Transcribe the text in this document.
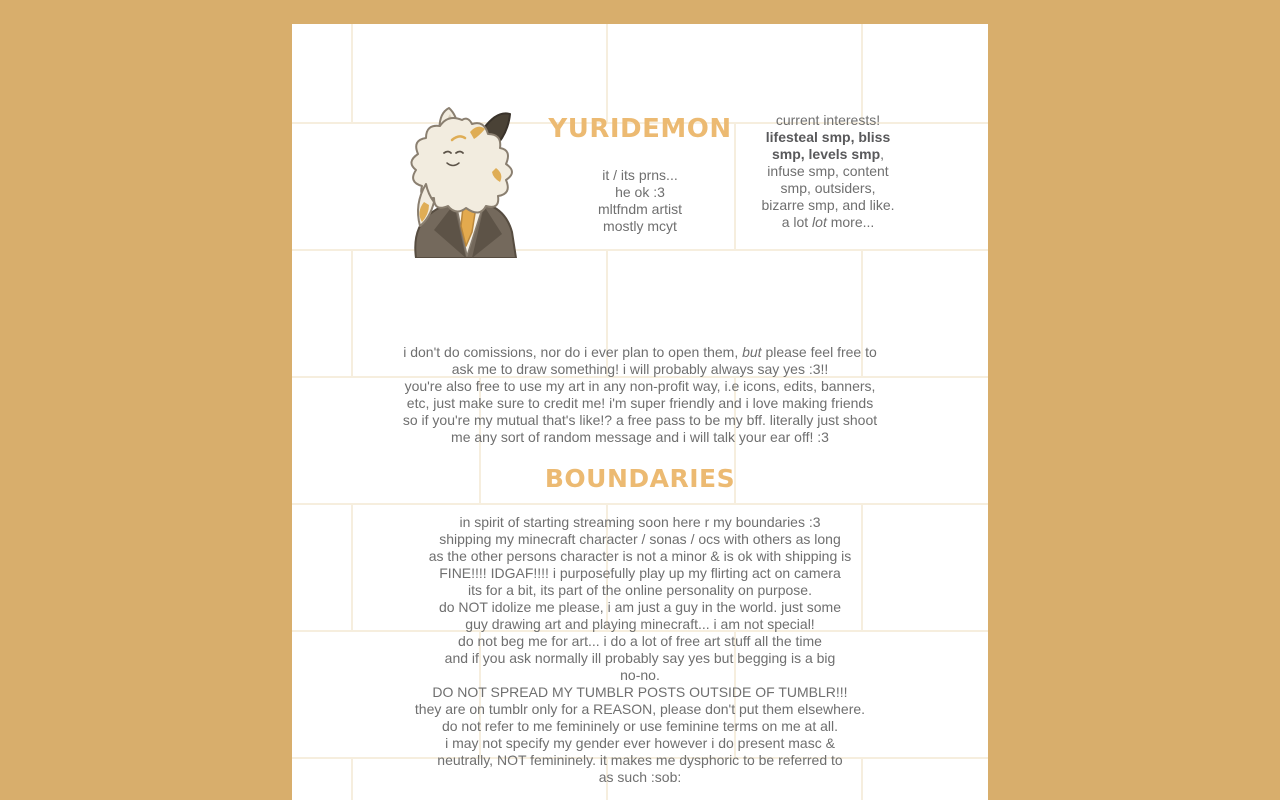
YURIDEMON

it / its prns...
he ok :3
mltfndm artist
mostly mcyt

current interests!
lifesteal smp, bliss
smp, levels smp,
infuse smp, content
smp, outsiders,
bizarre smp, and like.
a lot lot more...

i don't do comissions, nor do i ever plan to open them, but please feel free to
ask me to draw something! i will probably always say yes :3!!
you're also free to use my art in any non-profit way, i.e icons, edits, banners,
etc, just make sure to credit me! i'm super friendly and i love making friends
so if you're my mutual that's like!? a free pass to be my bff. literally just shoot
me any sort of random message and i will talk your ear off! :3

BOUNDARIES

in spirit of starting streaming soon here r my boundaries :3
shipping my minecraft character / sonas / ocs with others as long
as the other persons character is not a minor & is ok with shipping is
FINE!!!! IDGAF!!!! i purposefully play up my flirting act on camera
its for a bit, its part of the online personality on purpose.
do NOT idolize me please, i am just a guy in the world. just some
guy drawing art and playing minecraft... i am not special!
do not beg me for art... i do a lot of free art stuff all the time
and if you ask normally ill probably say yes but begging is a big
no-no.
DO NOT SPREAD MY TUMBLR POSTS OUTSIDE OF TUMBLR!!!
they are on tumblr only for a REASON, please don't put them elsewhere.
do not refer to me femininely or use feminine terms on me at all.
i may not specify my gender ever however i do present masc &
neutrally, NOT femininely. it makes me dysphoric to be referred to
as such :sob:
